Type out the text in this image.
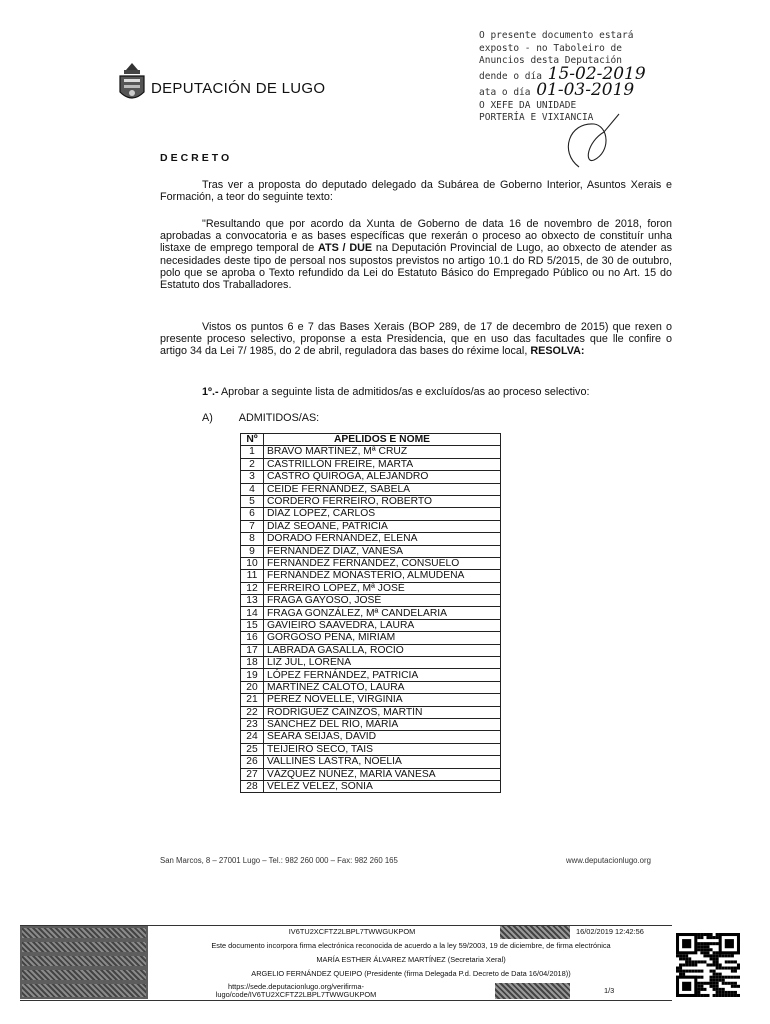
DEPUTACIÓN DE LUGO
O presente documento estará
exposto - no Taboleiro de
Anuncios desta Deputación
dende o día 15-02-2019
ata o día 01-03-2019
O XEFE DA UNIDADE
PORTERÍA E VIXIANCIA
DECRETO

Tras ver a proposta do deputado delegado da Subárea de Goberno Interior, Asuntos Xerais e Formación, a teor do seguinte texto:

"Resultando que por acordo da Xunta de Goberno de data 16 de novembro de 2018, foron aprobadas a convocatoria e as bases específicas que rexerán o proceso ao obxecto de constituír unha listaxe de emprego temporal de ATS / DUE na Deputación Provincial de Lugo, ao obxecto de atender as necesidades deste tipo de persoal nos supostos previstos no artigo 10.1 do RD 5/2015, de 30 de outubro, polo que se aproba o Texto refundido da Lei do Estatuto Básico do Empregado Público ou no Art. 15 do Estatuto dos Traballadores.

Vistos os puntos 6 e 7 das Bases Xerais (BOP 289, de 17 de decembro de 2015) que rexen o presente proceso selectivo, proponse a esta Presidencia, que en uso das facultades que lle confire o artigo 34 da Lei 7/ 1985, do 2 de abril, reguladora das bases do réxime local, RESOLVA:

1º.- Aprobar a seguinte lista de admitidos/as e excluídos/as ao proceso selectivo:
A) ADMITIDOS/AS:
Nº	APELIDOS E NOME
1	BRAVO MARTÍNEZ, Mª CRUZ
2	CASTRILLÓN FREIRE, MARTA
3	CASTRO QUIROGA, ALEJANDRO
4	CEIDE FERNÁNDEZ, SABELA
5	CORDERO FERREIRO, ROBERTO
6	DÍAZ LÓPEZ, CARLOS
7	DÍAZ SEOANE, PATRICIA
8	DORADO FERNÁNDEZ, ELENA
9	FERNÁNDEZ DÍAZ, VANESA
10	FERNÁNDEZ FERNÁNDEZ, CONSUELO
11	FERNÁNDEZ MONASTERIO, ALMUDENA
12	FERREIRO LÓPEZ, Mª JOSÉ
13	FRAGA GAYOSO, JOSÉ
14	FRAGA GONZÁLEZ, Mª CANDELARIA
15	GAVIEIRO SAAVEDRA, LAURA
16	GORGOSO PENA, MIRIAM
17	LABRADA GASALLA, ROCÍO
18	LIZ JUL, LORENA
19	LÓPEZ FERNÁNDEZ, PATRICIA
20	MARTÍNEZ CALOTO, LAURA
21	PÉREZ NOVELLE, VIRGINIA
22	RODRÍGUEZ CAINZOS, MARTÍN
23	SÁNCHEZ DEL RÍO, MARÍA
24	SEARA SEIJAS, DAVID
25	TEIJEIRO SECO, TAIS
26	VALLINES LASTRA, NOELIA
27	VÁZQUEZ NÚÑEZ, MARÍA VANESA
28	VÉLEZ VÉLEZ, SONIA
San Marcos, 8 – 27001 Lugo – Tel.: 982 260 000 – Fax: 982 260 165	www.deputacionlugo.org
IV6TU2XCFTZ2LBPL7TWWGUKPOM	16/02/2019 12:42:56
Este documento incorpora firma electrónica reconocida de acuerdo a la ley 59/2003, 19 de diciembre, de firma electrónica
MARÍA ESTHER ÁLVAREZ MARTÍNEZ (Secretaria Xeral)
ARGELIO FERNÁNDEZ QUEIPO (Presidente (firma Delegada P.d. Decreto de Data 16/04/2018))
https://sede.deputacionlugo.org/verifirma-
lugo/code/IV6TU2XCFTZ2LBPL7TWWGUKPOM	1/3
